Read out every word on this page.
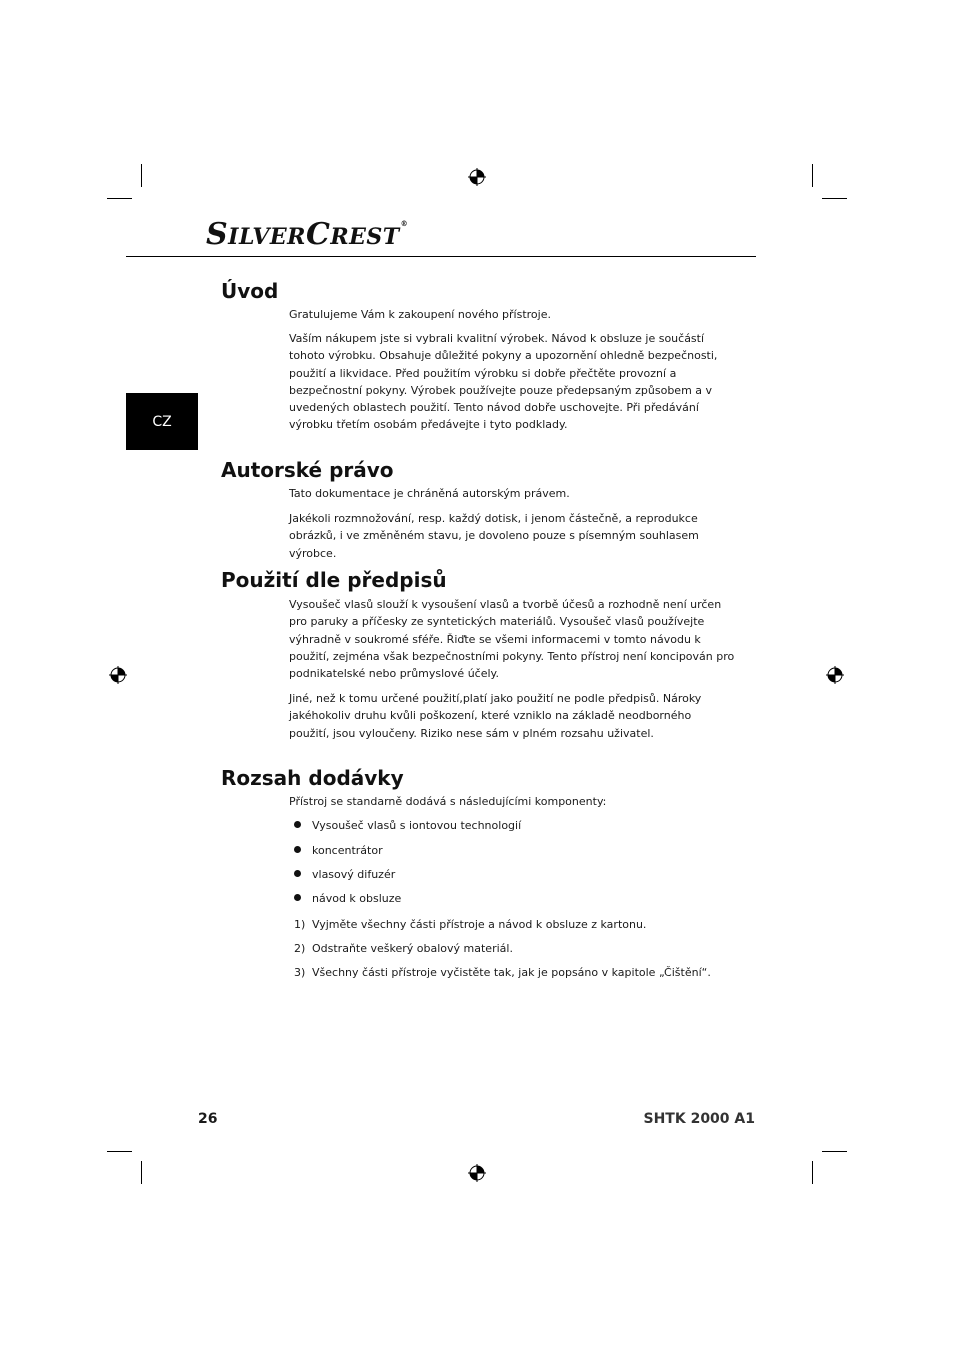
SILVERCREST®
CZ
Úvod

Gratulujeme Vám k zakoupení nového přístroje.

Vaším nákupem jste si vybrali kvalitní výrobek. Návod k obsluze je součástí tohoto výrobku. Obsahuje důležité pokyny a upozornění ohledně bezpečnosti, použití a likvidace. Před použitím výrobku si dobře přečtěte provozní a bezpečnostní pokyny. Výrobek používejte pouze předepsaným způsobem a v uvedených oblastech použití. Tento návod dobře uschovejte. Při předávání výrobku třetím osobám předávejte i tyto podklady.

Autorské právo

Tato dokumentace je chráněná autorským právem.

Jakékoli rozmnožování, resp. každý dotisk, i jenom částečně, a reprodukce obrázků, i ve změněném stavu, je dovoleno pouze s písemným souhlasem výrobce.

Použití dle předpisů

Vysoušeč vlasů slouží k vysoušení vlasů a tvorbě účesů a rozhodně není určen pro paruky a příčesky ze syntetických materiálů. Vysoušeč vlasů používejte výhradně v soukromé sféře. Řiďte se všemi informacemi v tomto návodu k použití, zejména však bezpečnostními pokyny. Tento přístroj není koncipován pro podnikatelské nebo průmyslové účely.

Jiné, než k tomu určené použití,platí jako použití ne podle předpisů. Nároky jakéhokoliv druhu kvůli poškození, které vzniklo na základě neodborného použití, jsou vyloučeny. Riziko nese sám v plném rozsahu uživatel.

Rozsah dodávky

Přístroj se standarně dodává s následujícími komponenty:

Vysoušeč vlasů s iontovou technologií

koncentrátor

vlasový difuzér

návod k obsluze

1) Vyjměte všechny části přístroje a návod k obsluze z kartonu.

2) Odstraňte veškerý obalový materiál.

3) Všechny části přístroje vyčistěte tak, jak je popsáno v kapitole „Čištění“.

26	SHTK 2000 A1
